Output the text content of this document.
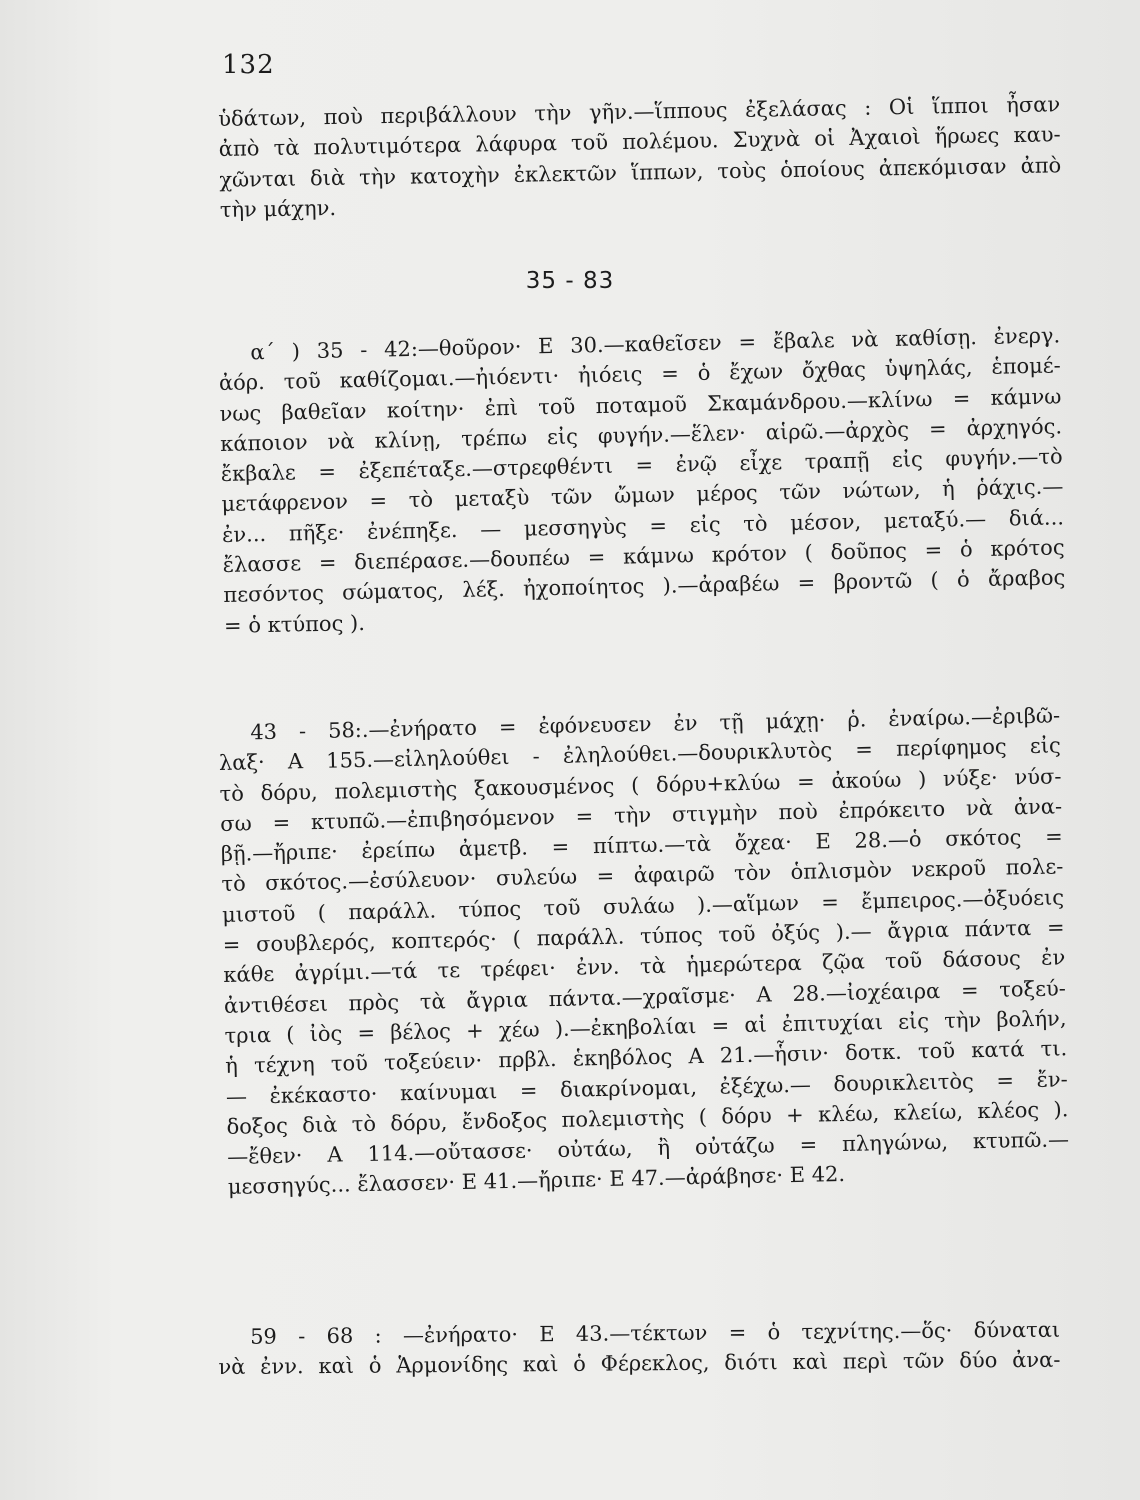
132
35 - 83
ὑδάτων, ποὺ περιβάλλουν τὴν γῆν.—ἵππους ἐξελάσας : Οἱ ἵπποι ἦσαν
ἀπὸ τὰ πολυτιμότερα λάφυρα τοῦ πολέμου. Συχνὰ οἱ Ἀχαιοὶ ἥρωες καυ-
χῶνται διὰ τὴν κατοχὴν ἐκλεκτῶν ἵππων, τοὺς ὁποίους ἀπεκόμισαν ἀπὸ
τὴν μάχην.
α´ ) 35 - 42:—θοῦρον· Ε 30.—καθεῖσεν = ἔβαλε νὰ καθίσῃ. ἐνεργ.
ἀόρ. τοῦ καθίζομαι.—ἠιόεντι· ἠιόεις = ὁ ἔχων ὄχθας ὑψηλάς, ἑπομέ-
νως βαθεῖαν κοίτην· ἐπὶ τοῦ ποταμοῦ Σκαμάνδρου.—κλίνω = κάμνω
κάποιον νὰ κλίνῃ, τρέπω εἰς φυγήν.—ἕλεν· αἱρῶ.—ἀρχὸς = ἀρχηγός.
ἔκβαλε = ἐξεπέταξε.—στρεφθέντι = ἐνῷ εἶχε τραπῇ εἰς φυγήν.—τὸ
μετάφρενον = τὸ μεταξὺ τῶν ὤμων μέρος τῶν νώτων, ἡ ῥάχις.—
ἐν... πῆξε· ἐνέπηξε. — μεσσηγὺς = εἰς τὸ μέσον, μεταξύ.— διά...
ἔλασσε = διεπέρασε.—δουπέω = κάμνω κρότον ( δοῦπος = ὁ κρότος
πεσόντος σώματος, λέξ. ἠχοποίητος ).—ἀραβέω = βροντῶ ( ὁ ἄραβος
= ὁ κτύπος ).
43 - 58:.—ἐνήρατο = ἐφόνευσεν ἐν τῇ μάχῃ· ῥ. ἐναίρω.—ἐριβῶ-
λαξ· Α 155.—εἰληλούθει - ἐληλούθει.—δουρικλυτὸς = περίφημος εἰς
τὸ δόρυ, πολεμιστὴς ξακουσμένος ( δόρυ+κλύω = ἀκούω ) νύξε· νύσ-
σω = κτυπῶ.—ἐπιβησόμενον = τὴν στιγμὴν ποὺ ἐπρόκειτο νὰ ἀνα-
βῇ.—ἤριπε· ἐρείπω ἀμετβ. = πίπτω.—τὰ ὄχεα· Ε 28.—ὁ σκότος =
τὸ σκότος.—ἐσύλευον· συλεύω = ἀφαιρῶ τὸν ὁπλισμὸν νεκροῦ πολε-
μιστοῦ ( παράλλ. τύπος τοῦ συλάω ).—αἵμων = ἔμπειρος.—ὀξυόεις
= σουβλερός, κοπτερός· ( παράλλ. τύπος τοῦ ὀξύς ).— ἄγρια πάντα =
κάθε ἀγρίμι.—τά τε τρέφει· ἐνν. τὰ ἡμερώτερα ζῷα τοῦ δάσους ἐν
ἀντιθέσει πρὸς τὰ ἄγρια πάντα.—χραῖσμε· Α 28.—ἰοχέαιρα = τοξεύ-
τρια ( ἰὸς = βέλος + χέω ).—ἐκηβολίαι = αἱ ἐπιτυχίαι εἰς τὴν βολήν,
ἡ τέχνη τοῦ τοξεύειν· πρβλ. ἑκηβόλος Α 21.—ἧσιν· δοτκ. τοῦ κατά τι.
— ἐκέκαστο· καίνυμαι = διακρίνομαι, ἐξέχω.— δουρικλειτὸς = ἔν-
δοξος διὰ τὸ δόρυ, ἔνδοξος πολεμιστὴς ( δόρυ + κλέω, κλείω, κλέος ).
—ἔθεν· Α 114.—οὔτασσε· οὐτάω, ἢ οὐτάζω = πληγώνω, κτυπῶ.—
μεσσηγύς... ἔλασσεν· Ε 41.—ἤριπε· Ε 47.—ἀράβησε· Ε 42.
59 - 68 : —ἐνήρατο· Ε 43.—τέκτων = ὁ τεχνίτης.—ὅς· δύναται
νὰ ἐνν. καὶ ὁ Ἁρμονίδης καὶ ὁ Φέρεκλος, διότι καὶ περὶ τῶν δύο ἀνα-
